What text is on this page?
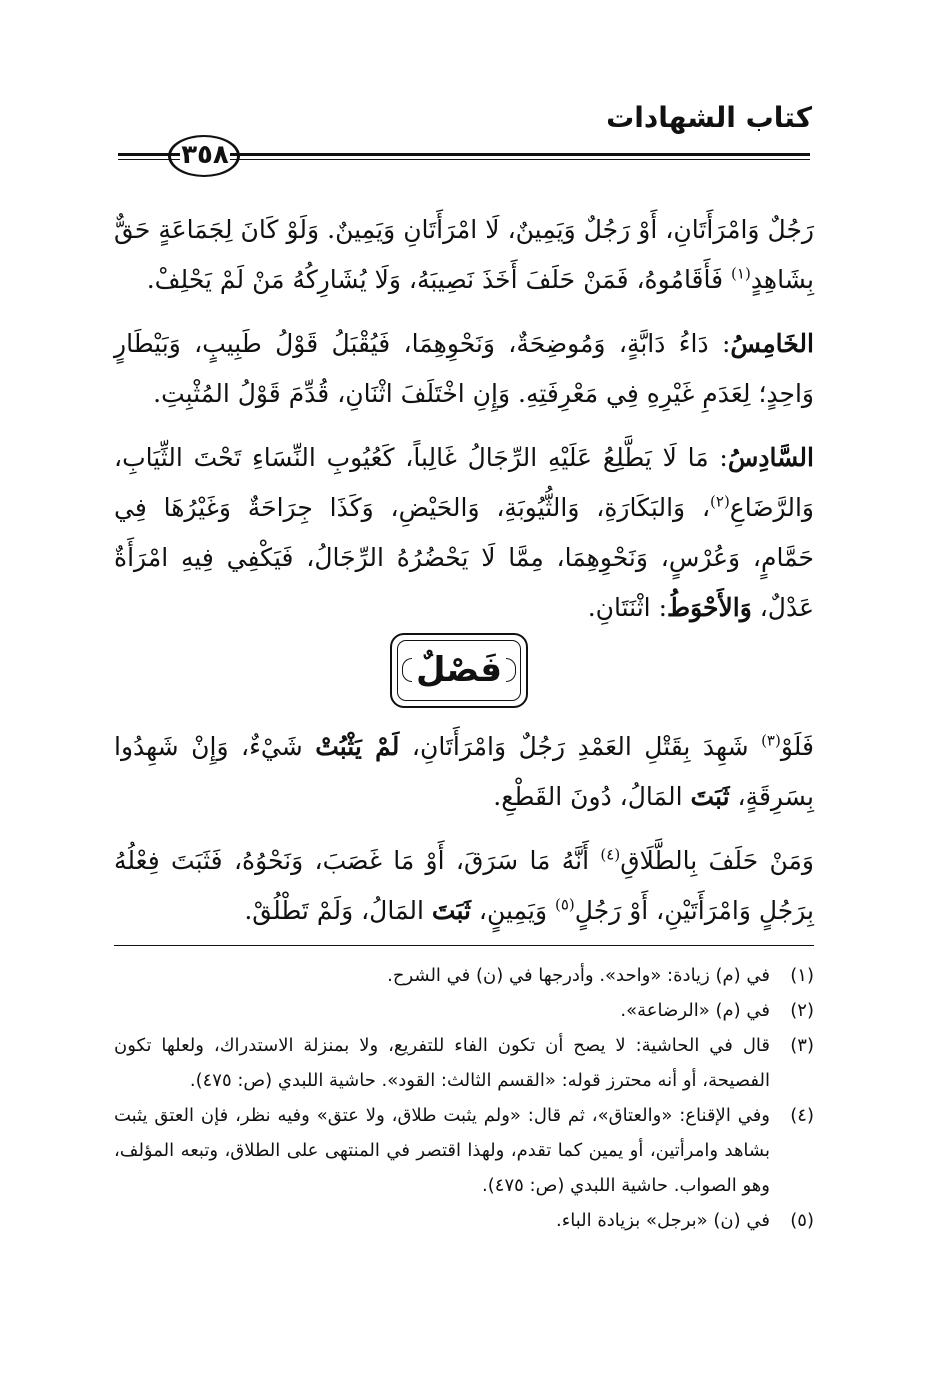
كتاب الشهادات
٣٥٨

رَجُلٌ وَامْرَأَتَانِ، أَوْ رَجُلٌ وَيَمِينٌ، لَا امْرَأَتَانِ وَيَمِينٌ. وَلَوْ كَانَ لِجَمَاعَةٍ حَقٌّ بِشَاهِدٍ$^{(١)}$ فَأَقَامُوهُ، فَمَنْ حَلَفَ أَخَذَ نَصِيبَهُ، وَلَا يُشَارِكُهُ مَنْ لَمْ يَحْلِفْ.

الخَامِسُ: دَاءُ دَابَّةٍ، وَمُوضِحَةٌ، وَنَحْوِهِمَا، فَيُقْبَلُ قَوْلُ طَبِيبٍ، وَبَيْطَارٍ وَاحِدٍ؛ لِعَدَمِ غَيْرِهِ فِي مَعْرِفَتِهِ. وَإِنِ اخْتَلَفَ اثْنَانِ، قُدِّمَ قَوْلُ المُثْبِتِ.

السَّادِسُ: مَا لَا يَطَّلِعُ عَلَيْهِ الرِّجَالُ غَالِباً، كَعُيُوبِ النِّسَاءِ تَحْتَ الثِّيَابِ، وَالرَّضَاعِ$^{(٢)}$، وَالبَكَارَةِ، وَالثُّيُوبَةِ، وَالحَيْضِ، وَكَذَا جِرَاحَةٌ وَغَيْرُهَا فِي حَمَّامٍ، وَعُرْسٍ، وَنَحْوِهِمَا، مِمَّا لَا يَحْضُرُهُ الرِّجَالُ، فَيَكْفِي فِيهِ امْرَأَةٌ عَدْلٌ، وَالأَحْوَطُ: اثْنَتَانِ.

فَصْلٌ

فَلَوْ$^{(٣)}$ شَهِدَ بِقَتْلِ العَمْدِ رَجُلٌ وَامْرَأَتَانِ، لَمْ يَثْبُتْ شَيْءٌ، وَإِنْ شَهِدُوا بِسَرِقَةٍ، ثَبَتَ المَالُ، دُونَ القَطْعِ.

وَمَنْ حَلَفَ بِالطَّلَاقِ$^{(٤)}$ أَنَّهُ مَا سَرَقَ، أَوْ مَا غَصَبَ، وَنَحْوُهُ، فَثَبَتَ فِعْلُهُ بِرَجُلٍ وَامْرَأَتَيْنِ، أَوْ رَجُلٍ$^{(٥)}$ وَيَمِينٍ، ثَبَتَ المَالُ، وَلَمْ تَطْلُقْ.

(١)
في (م) زيادة: «واحد». وأدرجها في (ن) في الشرح.
(٢)
في (م) «الرضاعة».
(٣)
قال في الحاشية: لا يصح أن تكون الفاء للتفريع، ولا بمنزلة الاستدراك، ولعلها تكون الفصيحة، أو أنه محترز قوله: «القسم الثالث: القود». حاشية اللبدي (ص: ٤٧٥).
(٤)
وفي الإقناع: «والعتاق»، ثم قال: «ولم يثبت طلاق، ولا عتق» وفيه نظر، فإن العتق يثبت بشاهد وامرأتين، أو يمين كما تقدم، ولهذا اقتصر في المنتهى على الطلاق، وتبعه المؤلف، وهو الصواب. حاشية اللبدي (ص: ٤٧٥).
(٥)
في (ن) «برجل» بزيادة الباء.
